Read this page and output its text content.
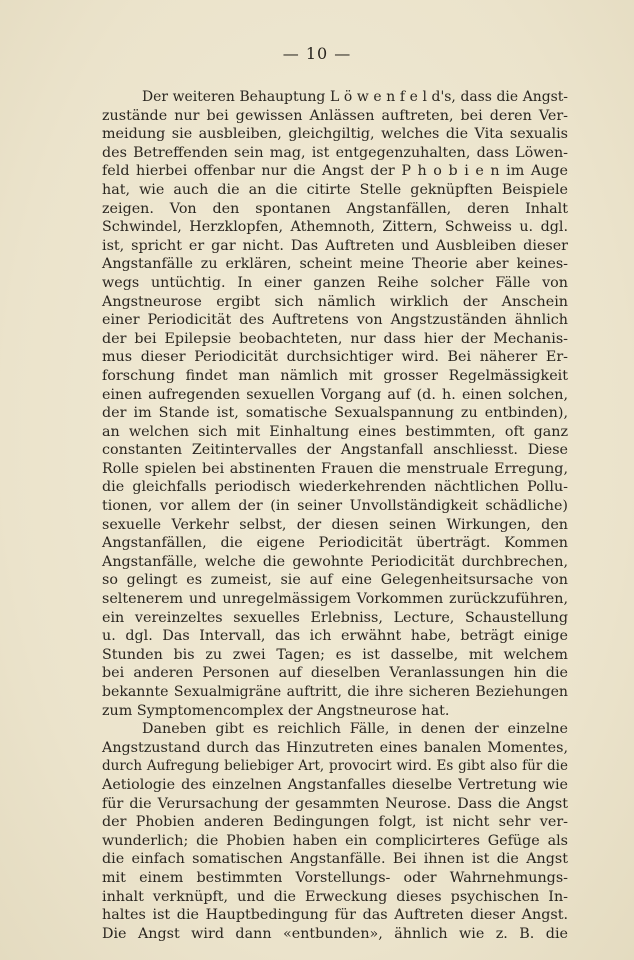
— 10 —
Der weiteren Behauptung L ö w e n f e l d's, dass die Angst-
zustände nur bei gewissen Anlässen auftreten, bei deren Ver-
meidung sie ausbleiben, gleichgiltig, welches die Vita sexualis
des Betreffenden sein mag, ist entgegenzuhalten, dass Löwen-
feld hierbei offenbar nur die Angst der P h o b i e n im Auge
hat, wie auch die an die citirte Stelle geknüpften Beispiele
zeigen. Von den spontanen Angstanfällen, deren Inhalt
Schwindel, Herzklopfen, Athemnoth, Zittern, Schweiss u. dgl.
ist, spricht er gar nicht. Das Auftreten und Ausbleiben dieser
Angstanfälle zu erklären, scheint meine Theorie aber keines-
wegs untüchtig. In einer ganzen Reihe solcher Fälle von
Angstneurose ergibt sich nämlich wirklich der Anschein
einer Periodicität des Auftretens von Angstzuständen ähnlich
der bei Epilepsie beobachteten, nur dass hier der Mechanis-
mus dieser Periodicität durchsichtiger wird. Bei näherer Er-
forschung findet man nämlich mit grosser Regelmässigkeit
einen aufregenden sexuellen Vorgang auf (d. h. einen solchen,
der im Stande ist, somatische Sexualspannung zu entbinden),
an welchen sich mit Einhaltung eines bestimmten, oft ganz
constanten Zeitintervalles der Angstanfall anschliesst. Diese
Rolle spielen bei abstinenten Frauen die menstruale Erregung,
die gleichfalls periodisch wiederkehrenden nächtlichen Pollu-
tionen, vor allem der (in seiner Unvollständigkeit schädliche)
sexuelle Verkehr selbst, der diesen seinen Wirkungen, den
Angstanfällen, die eigene Periodicität überträgt. Kommen
Angstanfälle, welche die gewohnte Periodicität durchbrechen,
so gelingt es zumeist, sie auf eine Gelegenheitsursache von
seltenerem und unregelmässigem Vorkommen zurückzuführen,
ein vereinzeltes sexuelles Erlebniss, Lecture, Schaustellung
u. dgl. Das Intervall, das ich erwähnt habe, beträgt einige
Stunden bis zu zwei Tagen; es ist dasselbe, mit welchem
bei anderen Personen auf dieselben Veranlassungen hin die
bekannte Sexualmigräne auftritt, die ihre sicheren Beziehungen
zum Symptomencomplex der Angstneurose hat.
Daneben gibt es reichlich Fälle, in denen der einzelne
Angstzustand durch das Hinzutreten eines banalen Momentes,
durch Aufregung beliebiger Art, provocirt wird. Es gibt also für die
Aetiologie des einzelnen Angstanfalles dieselbe Vertretung wie
für die Verursachung der gesammten Neurose. Dass die Angst
der Phobien anderen Bedingungen folgt, ist nicht sehr ver-
wunderlich; die Phobien haben ein complicirteres Gefüge als
die einfach somatischen Angstanfälle. Bei ihnen ist die Angst
mit einem bestimmten Vorstellungs- oder Wahrnehmungs-
inhalt verknüpft, und die Erweckung dieses psychischen In-
haltes ist die Hauptbedingung für das Auftreten dieser Angst.
Die Angst wird dann «entbunden», ähnlich wie z. B. die
